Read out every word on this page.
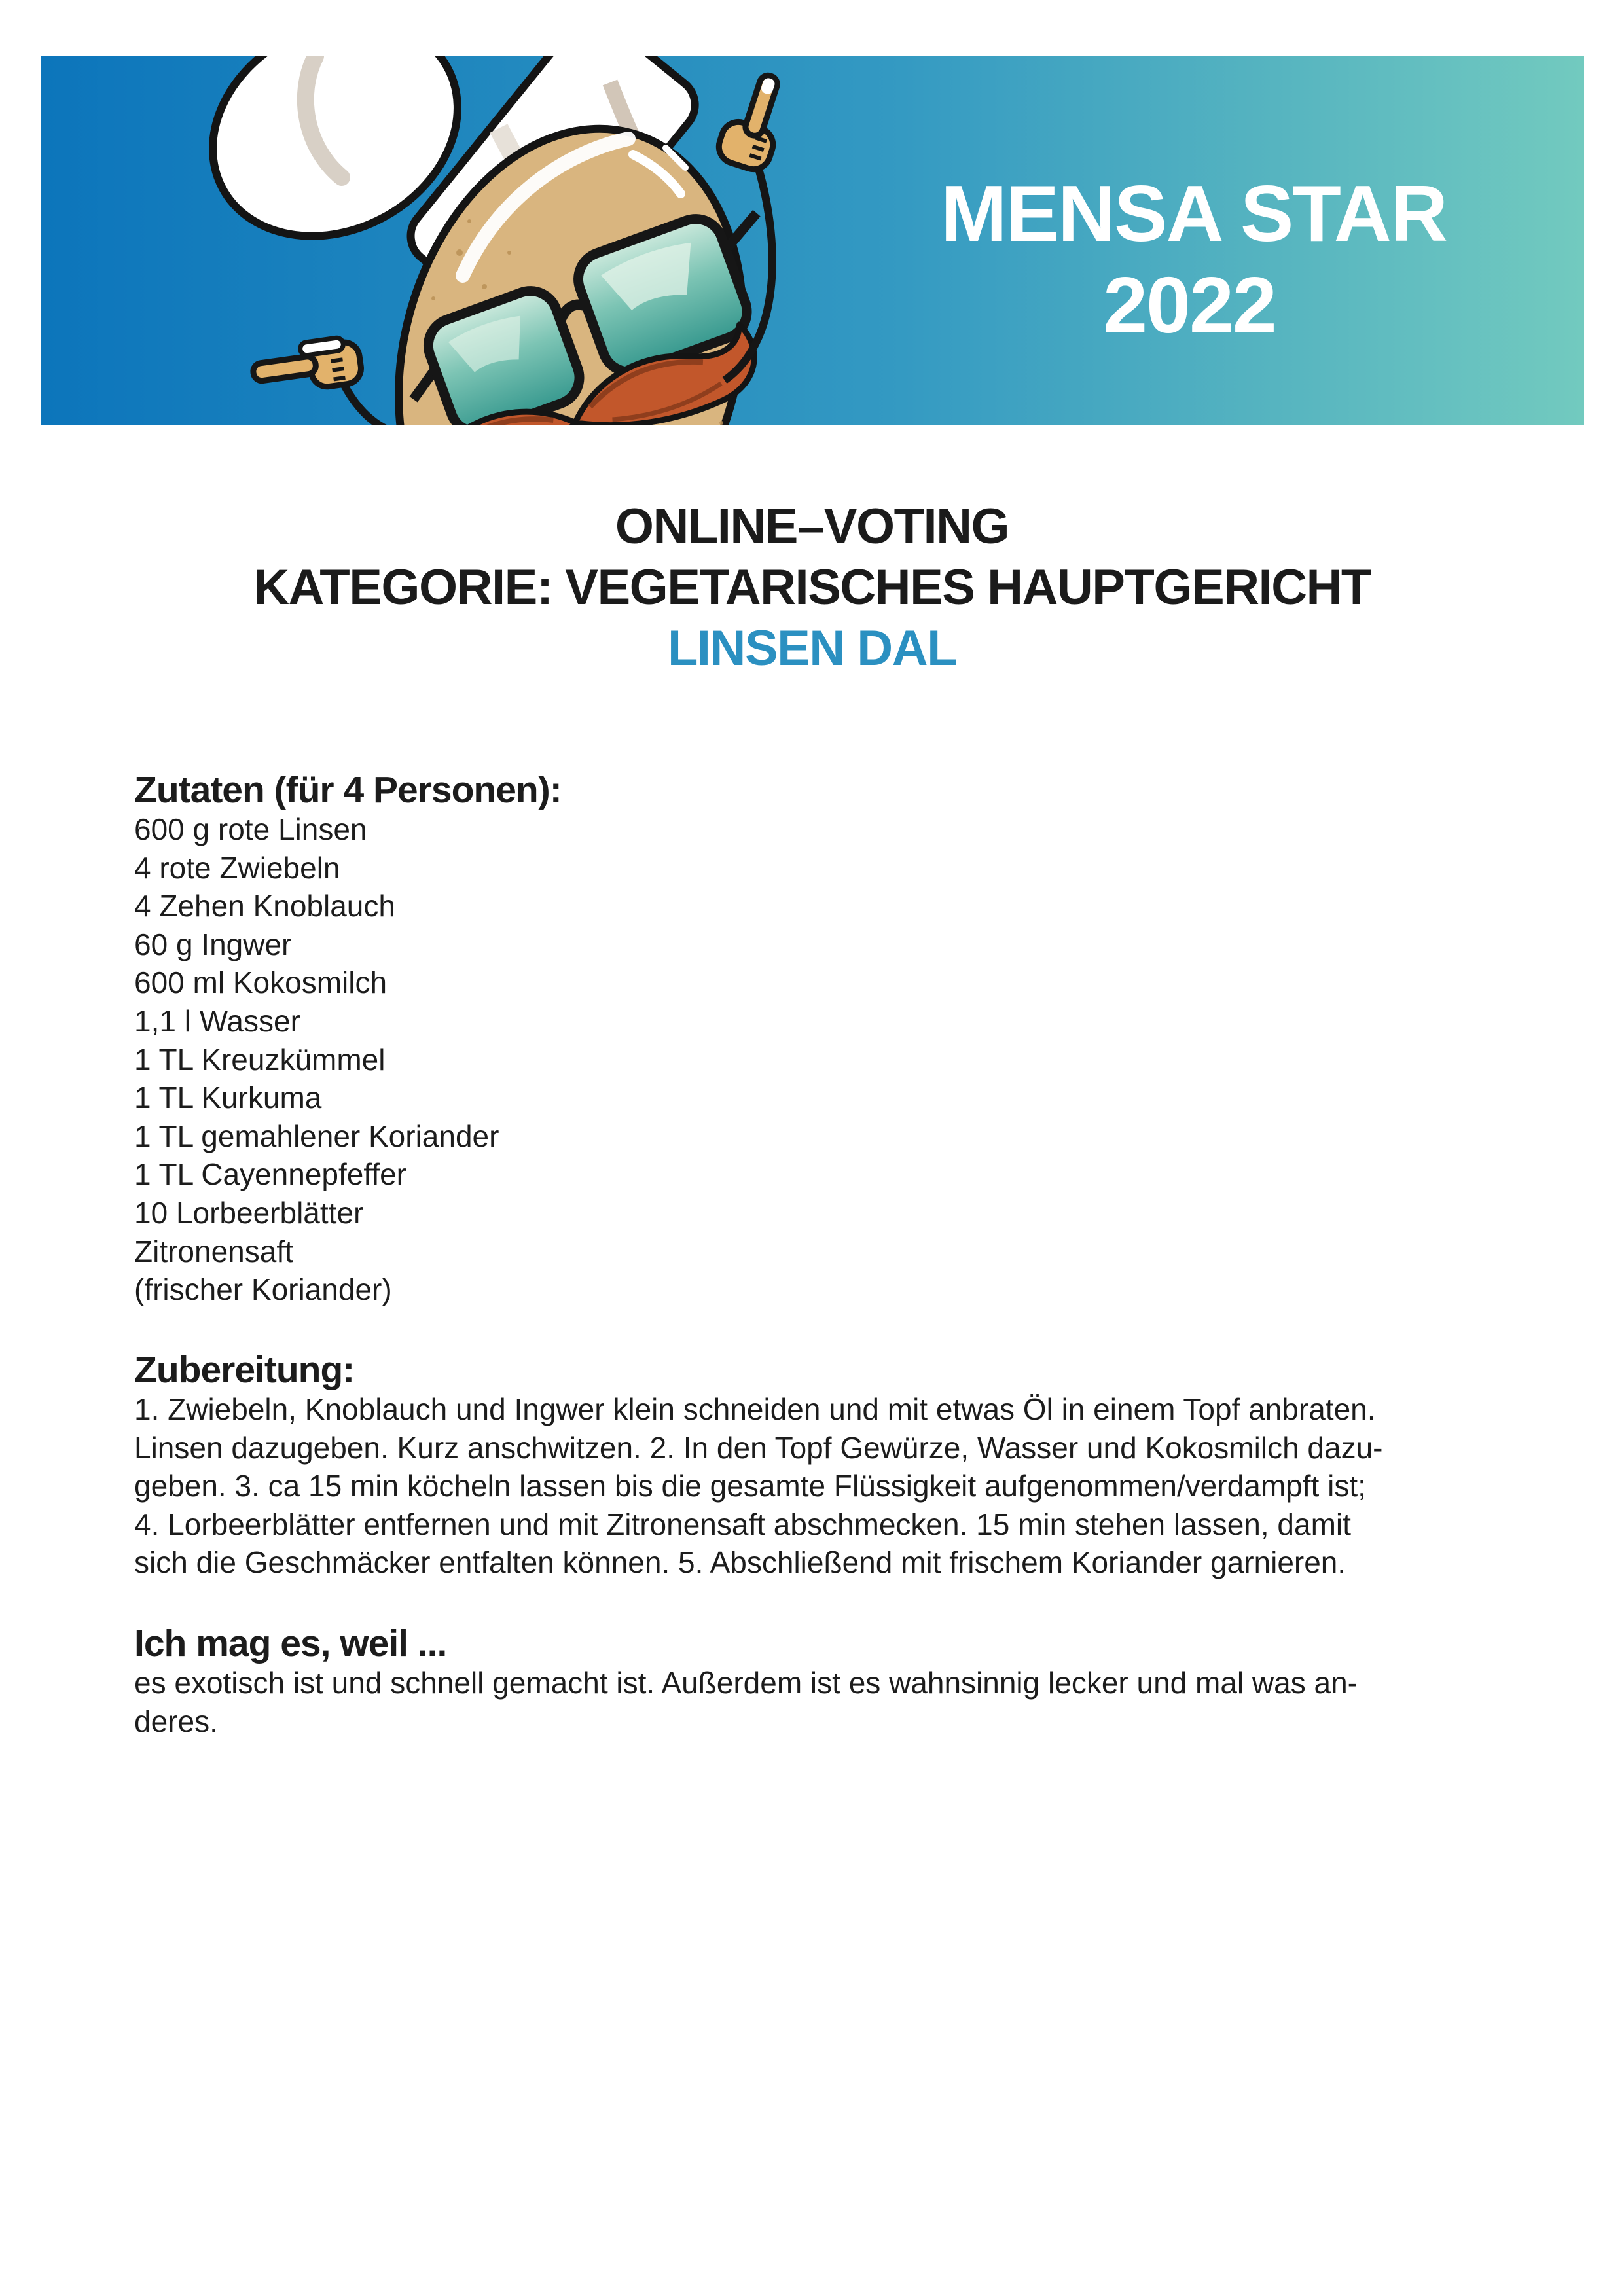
MENSA STAR
2022
ONLINE–VOTING
KATEGORIE: VEGETARISCHES HAUPTGERICHT
LINSEN DAL
Zutaten (für 4 Personen):
600 g rote Linsen
4 rote Zwiebeln
4 Zehen Knoblauch
60 g Ingwer
600 ml Kokosmilch
1,1 l Wasser
1 TL Kreuzkümmel
1 TL Kurkuma
1 TL gemahlener Koriander
1 TL Cayennepfeffer
10 Lorbeerblätter
Zitronensaft
(frischer Koriander)
Zubereitung:
1. Zwiebeln, Knoblauch und Ingwer klein schneiden und mit etwas Öl in einem Topf anbraten.
Linsen dazugeben. Kurz anschwitzen. 2. In den Topf Gewürze, Wasser und Kokosmilch dazu-
geben. 3. ca 15 min köcheln lassen bis die gesamte Flüssigkeit aufgenommen/verdampft ist;
4. Lorbeerblätter entfernen und mit Zitronensaft abschmecken. 15 min stehen lassen, damit
sich die Geschmäcker entfalten können. 5. Abschließend mit frischem Koriander garnieren.
Ich mag es, weil ...
es exotisch ist und schnell gemacht ist. Außerdem ist es wahnsinnig lecker und mal was an-
deres.
